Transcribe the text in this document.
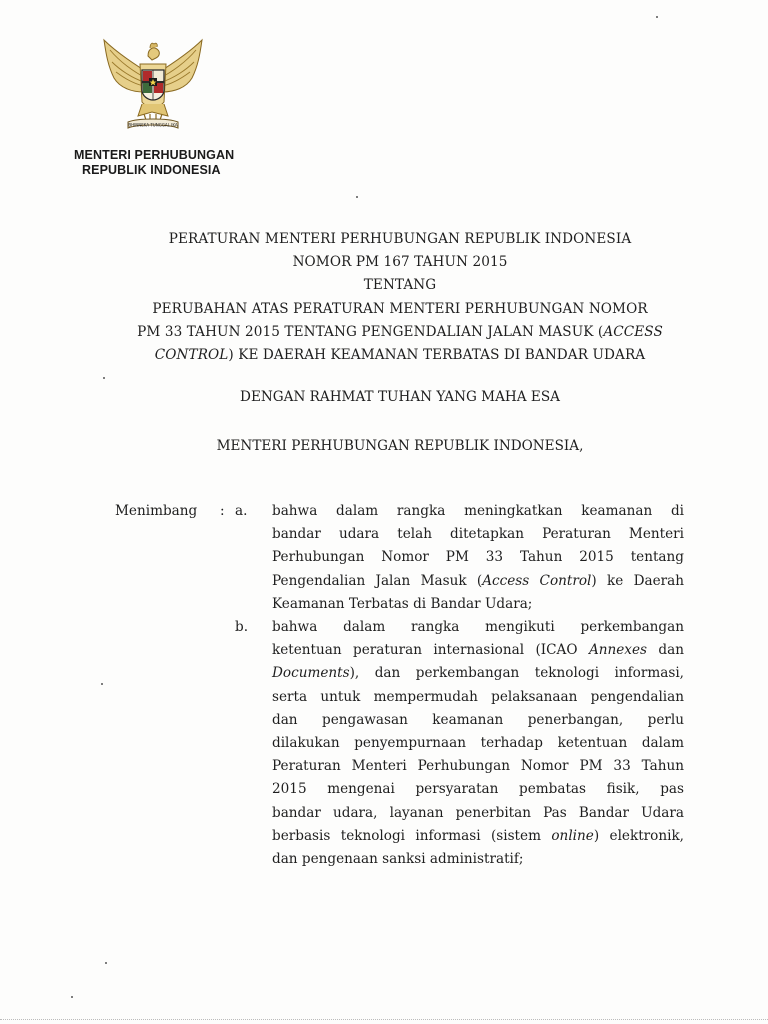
BHINNEKA TUNGGAL IKA
MENTERI PERHUBUNGAN
REPUBLIK INDONESIA
PERATURAN MENTERI PERHUBUNGAN REPUBLIK INDONESIA
NOMOR PM 167 TAHUN 2015
TENTANG
PERUBAHAN ATAS PERATURAN MENTERI PERHUBUNGAN NOMOR
PM 33 TAHUN 2015 TENTANG PENGENDALIAN JALAN MASUK (ACCESS
CONTROL) KE DAERAH KEAMANAN TERBATAS DI BANDAR UDARA
DENGAN RAHMAT TUHAN YANG MAHA ESA
MENTERI PERHUBUNGAN REPUBLIK INDONESIA,
Menimbang : a.	bahwa dalam rangka meningkatkan keamanan di
bandar udara telah ditetapkan Peraturan Menteri
Perhubungan Nomor PM 33 Tahun 2015 tentang
Pengendalian Jalan Masuk (Access Control) ke Daerah
Keamanan Terbatas di Bandar Udara;
b.	bahwa dalam rangka mengikuti perkembangan
ketentuan peraturan internasional (ICAO Annexes dan
Documents), dan perkembangan teknologi informasi,
serta untuk mempermudah pelaksanaan pengendalian
dan pengawasan keamanan penerbangan, perlu
dilakukan penyempurnaan terhadap ketentuan dalam
Peraturan Menteri Perhubungan Nomor PM 33 Tahun
2015 mengenai persyaratan pembatas fisik, pas
bandar udara, layanan penerbitan Pas Bandar Udara
berbasis teknologi informasi (sistem online) elektronik,
dan pengenaan sanksi administratif;
